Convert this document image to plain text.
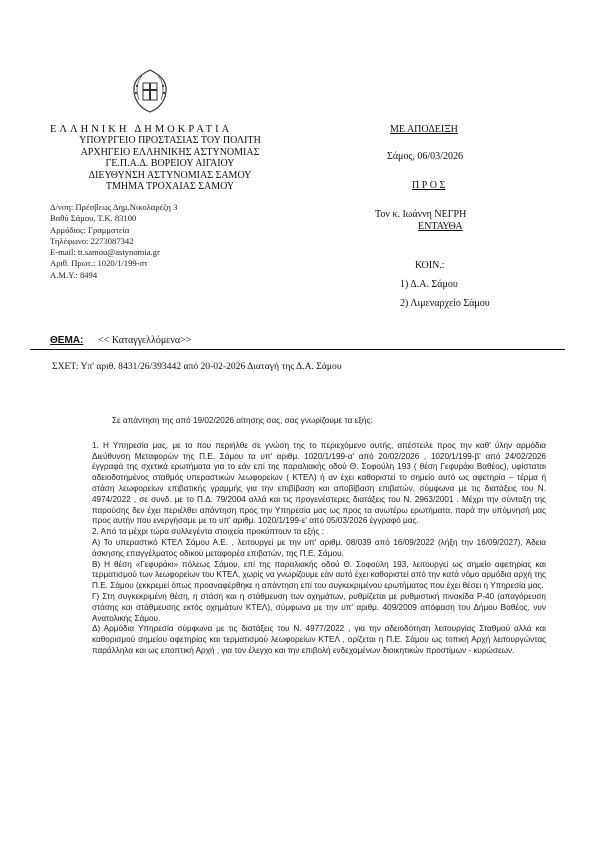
ΕΛΛΗΝΙΚΗ ΔΗΜΟΚΡΑΤΙΑ
ΥΠΟΥΡΓΕΙΟ ΠΡΟΣΤΑΣΙΑΣ ΤΟΥ ΠΟΛΙΤΗ
ΑΡΧΗΓΕΙΟ ΕΛΛΗΝΙΚΗΣ ΑΣΤΥΝΟΜΙΑΣ
ΓΕ.Π.Α.Δ. ΒΟΡΕΙΟΥ ΑΙΓΑΙΟΥ
ΔΙΕΥΘΥΝΣΗ ΑΣΤΥΝΟΜΙΑΣ ΣΑΜΟΥ
ΤΜΗΜΑ ΤΡΟΧΑΙΑΣ ΣΑΜΟΥ
Δ/νση: Πρέσβεως Δημ.Νικολαρέζη 3
Βαθύ Σάμου, Τ.Κ. 83100
Αρμόδιος: Γραμματεία
Τηλέφωνο: 2273087342
E-mail: tt.samou@astynomia.gr
Αριθ. Πρωτ.: 1020/1/199-στ
Α.Μ.Υ.: 8494
ΜΕ ΑΠΟΔΕΙΞΗ
Σάμος, 06/03/2026
Π Ρ Ο Σ
Τον κ. Ιωάννη ΝΕΓΡΗ
ΕΝΤΑΥΘΑ
ΚΟΙΝ.:
1) Δ.Α. Σάμου
2) Λιμεναρχείο Σάμου
ΘΕΜΑ: << Καταγγελλόμενα>>
ΣΧΕΤ: Υπ' αριθ. 8431/26/393442 από 20-02-2026 Διαταγή της Δ.Α. Σάμου

Σε απάντηση της από 19/02/2026 αίτησης σας, σας γνωρίζουμε τα εξής:

1. Η Υπηρεσία μας, με το που περιήλθε σε γνώση της το περιεχόμενο αυτής, απέστειλε προς την καθ' ύλην αρμόδια Διεύθυνση Μεταφορών της Π.Ε. Σάμου τα υπ' αριθμ. 1020/1/199-α' από 20/02/2026 , 1020/1/199-β' από 24/02/2026 έγγραφά της σχετικά ερωτήματα για το εάν επί της παραλιακής οδού Θ. Σοφούλη 193 ( θέση Γεφυράκι Βαθέος), υφίσταται αδειοδοτημένος σταθμός υπεραστικών λεωφορείων ( ΚΤΕΛ) ή αν έχει καθοριστεί το σημείο αυτό ως αφετηρία – τέρμα ή στάση λεωφορείων επιβατικής γραμμής για την επιβίβαση και αποβίβαση επιβατών, σύμφωνα με τις διατάξεις του Ν. 4974/2022 , σε συνδ. με το Π.Δ. 79/2004 αλλά και τις προγενέστερες διατάξεις του Ν. 2963/2001 . Μέχρι την σύνταξη της παρούσης δεν έχει περιέλθει απάντηση προς την Υπηρεσία μας ως προς τα ανωτέρω ερωτήματα, παρά την υπόμνησή μας προς αυτήν που ενεργήσαμε με το υπ' αριθμ. 1020/1/199-ε' από 05/03/2026 έγγραφό μας.

2. Από τα μέχρι τώρα συλλεγέντα στοιχεία προκύπτουν τα εξής :

Α) Το υπεραστικό ΚΤΕΛ Σάμου Α.Ε. , λειτουργεί με την υπ' αριθμ. 08/039 από 16/09/2022 (λήξη την 16/09/2027), Άδεια άσκησης επαγγέλματος οδικού μεταφορέα επιβατών, της Π.Ε. Σάμου.

Β) Η θέση «Γεφυράκι» πόλεως Σάμου, επί της παραλιακής οδού Θ. Σοφούλη 193, λειτουργεί ως σημείο αφετηρίας και τερματισμού των λεωφορείων του ΚΤΕΛ, χωρίς να γνωρίζουμε εάν αυτό έχει καθοριστεί από την κατά νόμο αρμόδια αρχή της Π.Ε. Σάμου (εκκρεμεί όπως προαναφέρθηκε η απάντηση επί του συγκεκριμένου ερωτήματος που έχει θέσει η Υπηρεσία μας.

Γ) Στη συγκεκριμένη θέση, η στάση και η στάθμευση των οχημάτων, ρυθμίζεται με ρυθμιστική πινακίδα Ρ-40 (απαγόρευση στάσης και στάθμευσης εκτός οχημάτων ΚΤΕΛ), σύμφωνα με την υπ' αριθμ. 409/2009 απόφαση του Δήμου Βαθέος, νυν Ανατολικής Σάμου.

Δ) Αρμόδια Υπηρεσία σύμφωνα με τις διατάξεις του Ν. 4977/2022 , για την αδειοδότηση λειτουργίας Σταθμού αλλά και καθορισμού σημείου αφετηρίας και τερματισμού λεωφορείων ΚΤΕΛ , ορίζεται η Π.Ε. Σάμου ως τοπική Αρχή λειτουργώντας παράλληλα και ως εποπτική Αρχή , για τον έλεγχο και την επιβολή ενδεχομένων διοικητικών προστίμων - κυρώσεων.
